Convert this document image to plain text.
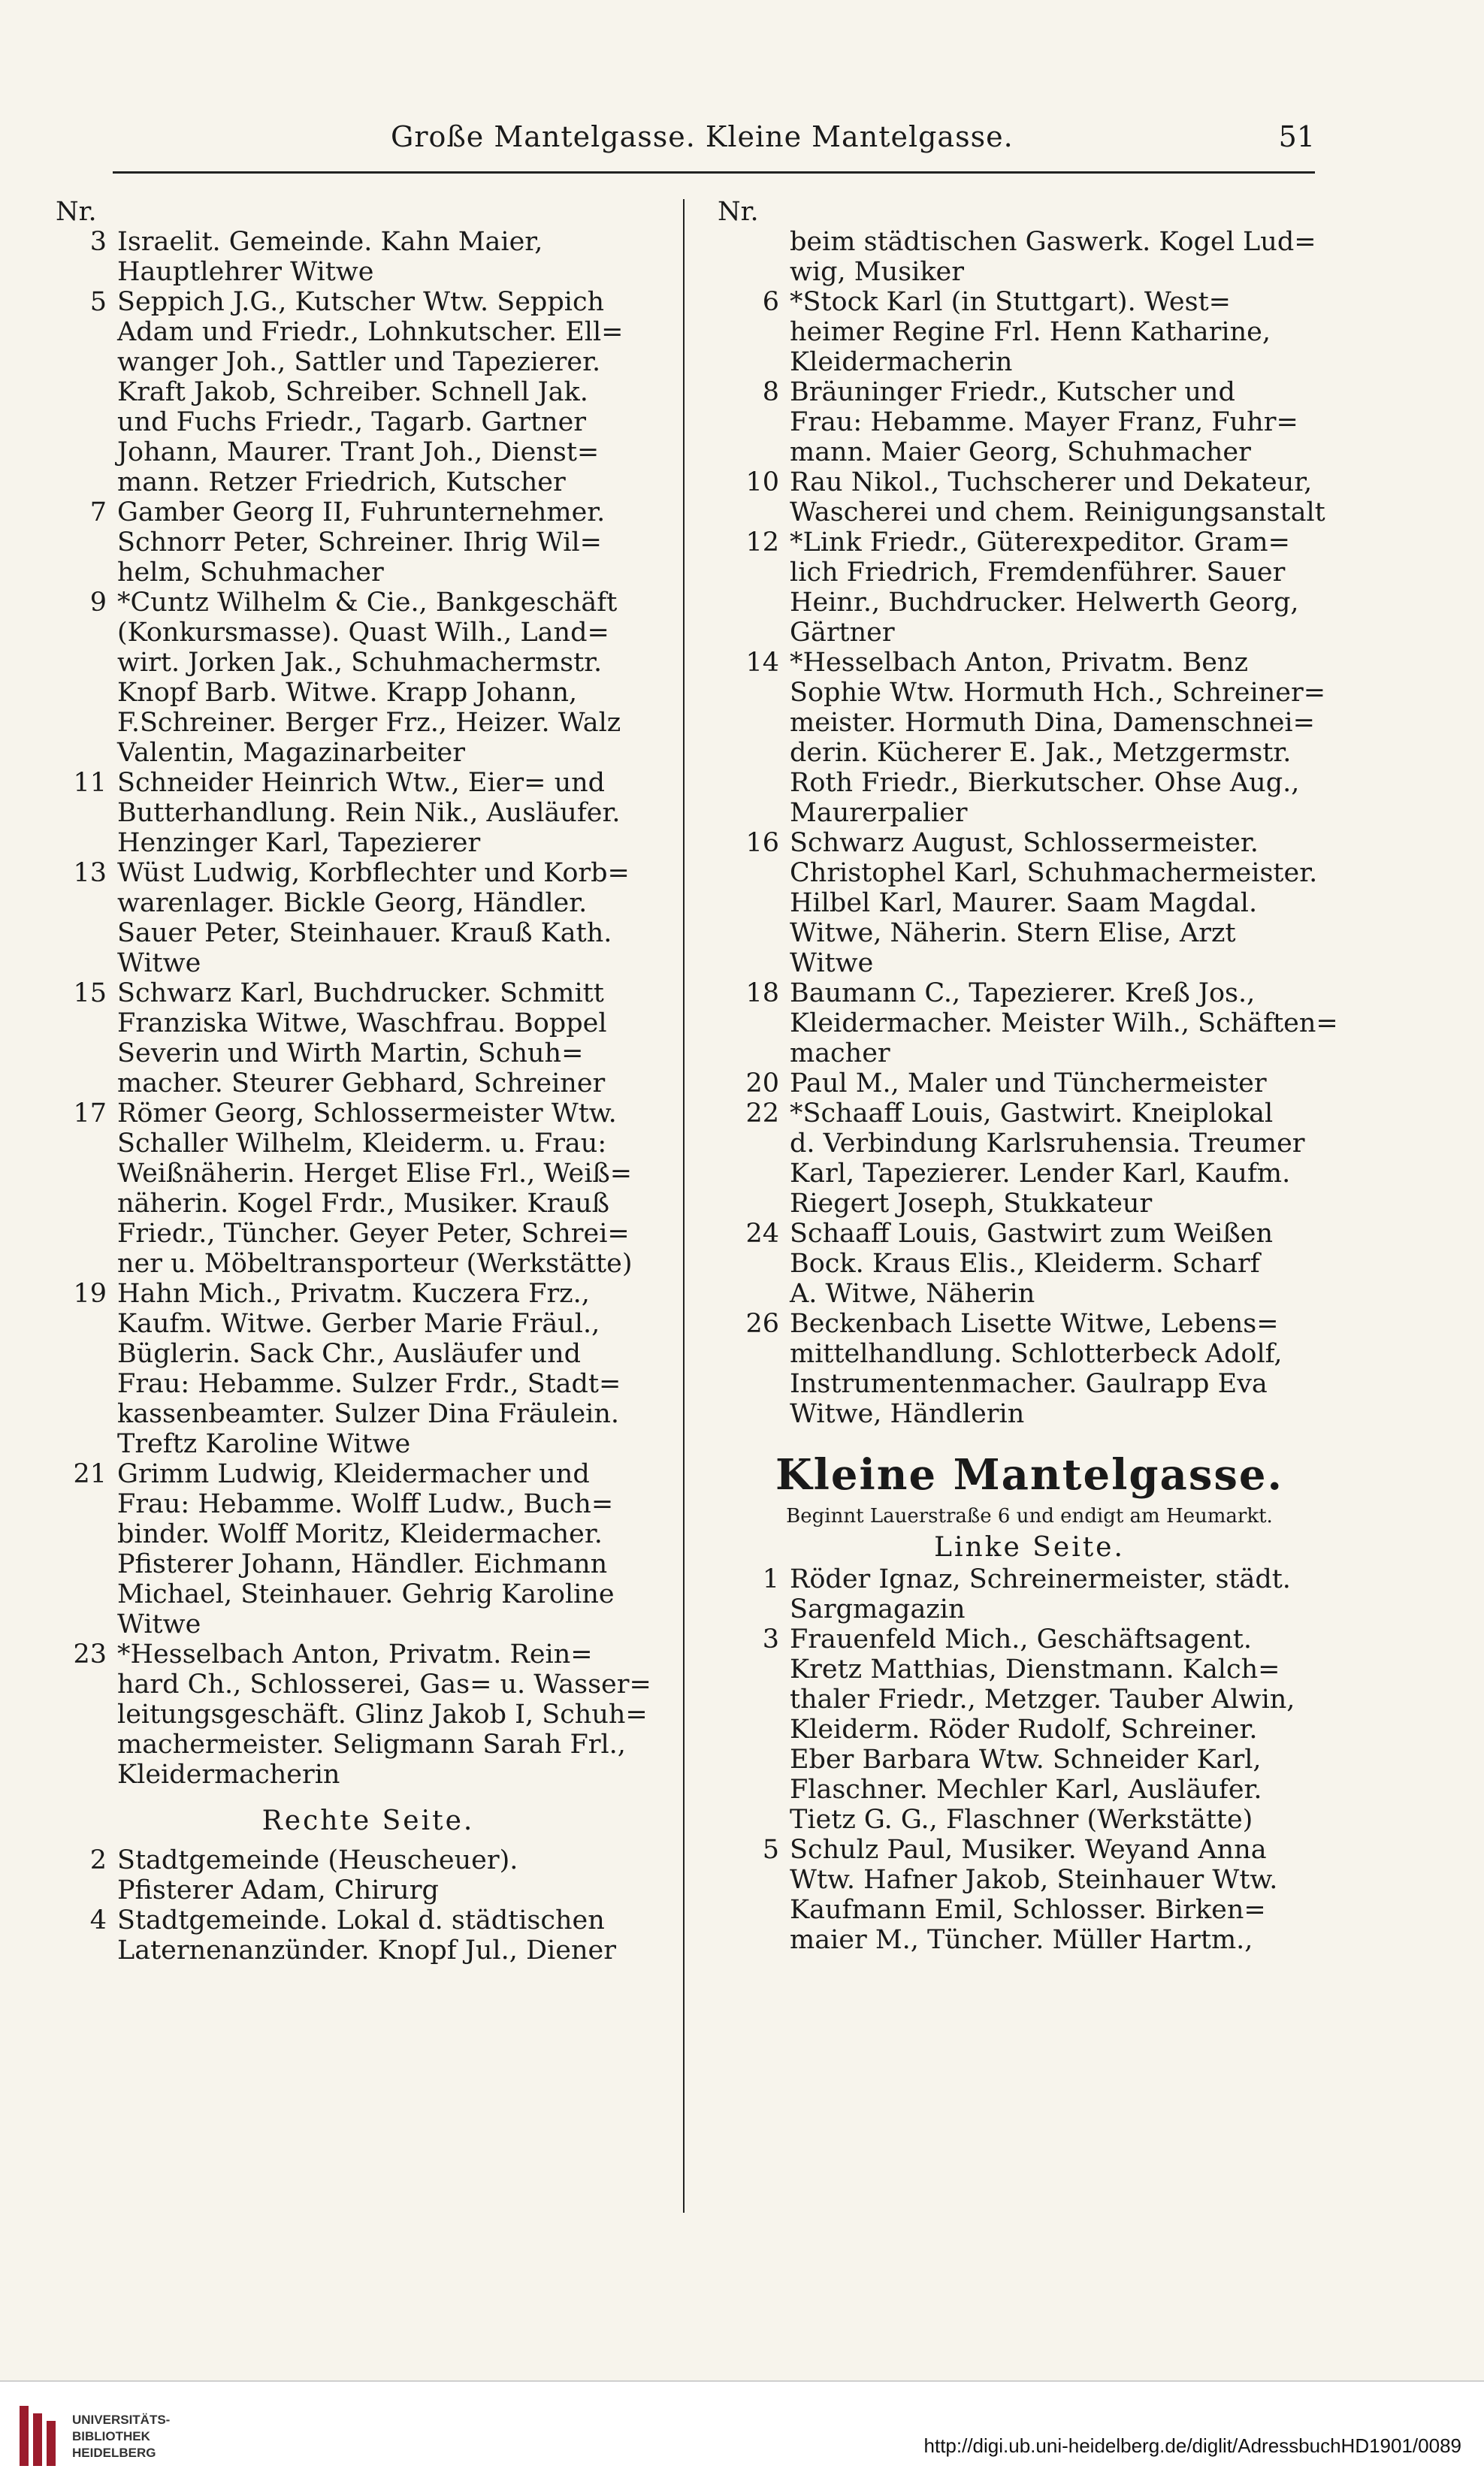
Große Mantelgasse. Kleine Mantelgasse.	51
Nr.
3 Israelit. Gemeinde. Kahn Maier,
Hauptlehrer Witwe
5 Seppich J.G., Kutscher Wtw. Seppich
Adam und Friedr., Lohnkutscher. Ell=
wanger Joh., Sattler und Tapezierer.
Kraft Jakob, Schreiber. Schnell Jak.
und Fuchs Friedr., Tagarb. Gartner
Johann, Maurer. Trant Joh., Dienst=
mann. Retzer Friedrich, Kutscher
7 Gamber Georg II, Fuhrunternehmer.
Schnorr Peter, Schreiner. Ihrig Wil=
helm, Schuhmacher
9 *Cuntz Wilhelm & Cie., Bankgeschäft
(Konkursmasse). Quast Wilh., Land=
wirt. Jorken Jak., Schuhmachermstr.
Knopf Barb. Witwe. Krapp Johann,
F.Schreiner. Berger Frz., Heizer. Walz
Valentin, Magazinarbeiter
11 Schneider Heinrich Wtw., Eier= und
Butterhandlung. Rein Nik., Ausläufer.
Henzinger Karl, Tapezierer
13 Wüst Ludwig, Korbflechter und Korb=
warenlager. Bickle Georg, Händler.
Sauer Peter, Steinhauer. Krauß Kath.
Witwe
15 Schwarz Karl, Buchdrucker. Schmitt
Franziska Witwe, Waschfrau. Boppel
Severin und Wirth Martin, Schuh=
macher. Steurer Gebhard, Schreiner
17 Römer Georg, Schlossermeister Wtw.
Schaller Wilhelm, Kleiderm. u. Frau:
Weißnäherin. Herget Elise Frl., Weiß=
näherin. Kogel Frdr., Musiker. Krauß
Friedr., Tüncher. Geyer Peter, Schrei=
ner u. Möbeltransporteur (Werkstätte)
19 Hahn Mich., Privatm. Kuczera Frz.,
Kaufm. Witwe. Gerber Marie Fräul.,
Büglerin. Sack Chr., Ausläufer und
Frau: Hebamme. Sulzer Frdr., Stadt=
kassenbeamter. Sulzer Dina Fräulein.
Treftz Karoline Witwe
21 Grimm Ludwig, Kleidermacher und
Frau: Hebamme. Wolff Ludw., Buch=
binder. Wolff Moritz, Kleidermacher.
Pfisterer Johann, Händler. Eichmann
Michael, Steinhauer. Gehrig Karoline
Witwe
23 *Hesselbach Anton, Privatm. Rein=
hard Ch., Schlosserei, Gas= u. Wasser=
leitungsgeschäft. Glinz Jakob I, Schuh=
machermeister. Seligmann Sarah Frl.,
Kleidermacherin
Rechte Seite.
2 Stadtgemeinde (Heuscheuer).
Pfisterer Adam, Chirurg
4 Stadtgemeinde. Lokal d. städtischen
Laternenanzünder. Knopf Jul., Diener
Nr.
beim städtischen Gaswerk. Kogel Lud=
wig, Musiker
6 *Stock Karl (in Stuttgart). West=
heimer Regine Frl. Henn Katharine,
Kleidermacherin
8 Bräuninger Friedr., Kutscher und
Frau: Hebamme. Mayer Franz, Fuhr=
mann. Maier Georg, Schuhmacher
10 Rau Nikol., Tuchscherer und Dekateur,
Wascherei und chem. Reinigungsanstalt
12 *Link Friedr., Güterexpeditor. Gram=
lich Friedrich, Fremdenführer. Sauer
Heinr., Buchdrucker. Helwerth Georg,
Gärtner
14 *Hesselbach Anton, Privatm. Benz
Sophie Wtw. Hormuth Hch., Schreiner=
meister. Hormuth Dina, Damenschnei=
derin. Kücherer E. Jak., Metzgermstr.
Roth Friedr., Bierkutscher. Ohse Aug.,
Maurerpalier
16 Schwarz August, Schlossermeister.
Christophel Karl, Schuhmachermeister.
Hilbel Karl, Maurer. Saam Magdal.
Witwe, Näherin. Stern Elise, Arzt
Witwe
18 Baumann C., Tapezierer. Kreß Jos.,
Kleidermacher. Meister Wilh., Schäften=
macher
20 Paul M., Maler und Tünchermeister
22 *Schaaff Louis, Gastwirt. Kneiplokal
d. Verbindung Karlsruhensia. Treumer
Karl, Tapezierer. Lender Karl, Kaufm.
Riegert Joseph, Stukkateur
24 Schaaff Louis, Gastwirt zum Weißen
Bock. Kraus Elis., Kleiderm. Scharf
A. Witwe, Näherin
26 Beckenbach Lisette Witwe, Lebens=
mittelhandlung. Schlotterbeck Adolf,
Instrumentenmacher. Gaulrapp Eva
Witwe, Händlerin
Kleine Mantelgasse.
Beginnt Lauerstraße 6 und endigt am Heumarkt.
Linke Seite.
1 Röder Ignaz, Schreinermeister, städt.
Sargmagazin
3 Frauenfeld Mich., Geschäftsagent.
Kretz Matthias, Dienstmann. Kalch=
thaler Friedr., Metzger. Tauber Alwin,
Kleiderm. Röder Rudolf, Schreiner.
Eber Barbara Wtw. Schneider Karl,
Flaschner. Mechler Karl, Ausläufer.
Tietz G. G., Flaschner (Werkstätte)
5 Schulz Paul, Musiker. Weyand Anna
Wtw. Hafner Jakob, Steinhauer Wtw.
Kaufmann Emil, Schlosser. Birken=
maier M., Tüncher. Müller Hartm.,
UNIVERSITÄTS-
BIBLIOTHEK
HEIDELBERG	http://digi.ub.uni-heidelberg.de/diglit/AdressbuchHD1901/0089
